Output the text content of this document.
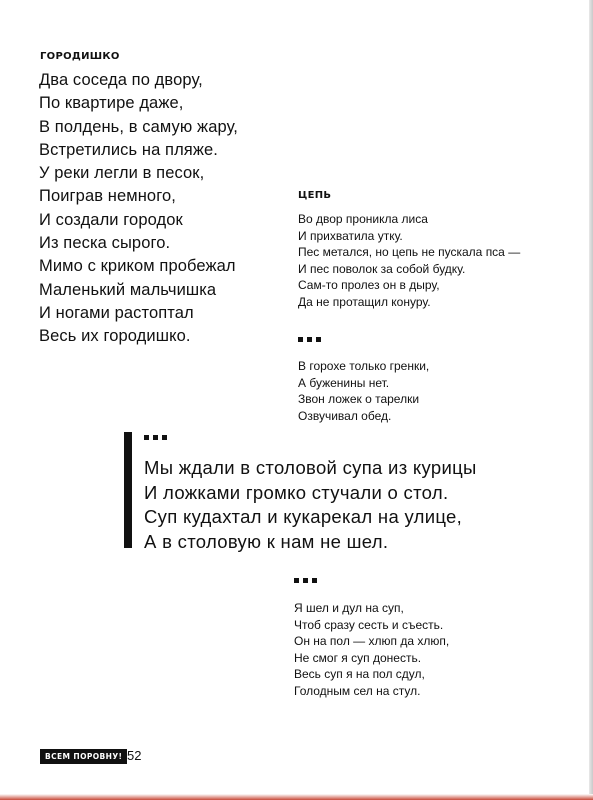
ГОРОДИШКО
Два соседа по двору,
По квартире даже,
В полдень, в самую жару,
Встретились на пляже.
У реки легли в песок,
Поиграв немного,
И создали городок
Из песка сырого.
Мимо с криком пробежал
Маленький мальчишка
И ногами растоптал
Весь их городишко.
ЦЕПЬ
Во двор проникла лиса
И прихватила утку.
Пес метался, но цепь не пускала пса —
И пес поволок за собой будку.
Сам-то пролез он в дыру,
Да не протащил конуру.
В горохе только гренки,
А буженины нет.
Звон ложек о тарелки
Озвучивал обед.
Мы ждали в столовой супа из курицы
И ложками громко стучали о стол.
Суп кудахтал и кукарекал на улице,
А в столовую к нам не шел.
Я шел и дул на суп,
Чтоб сразу сесть и съесть.
Он на пол — хлюп да хлюп,
Не смог я суп донесть.
Весь суп я на пол сдул,
Голодным сел на стул.
ВСЕМ ПОРОВНУ! 52
